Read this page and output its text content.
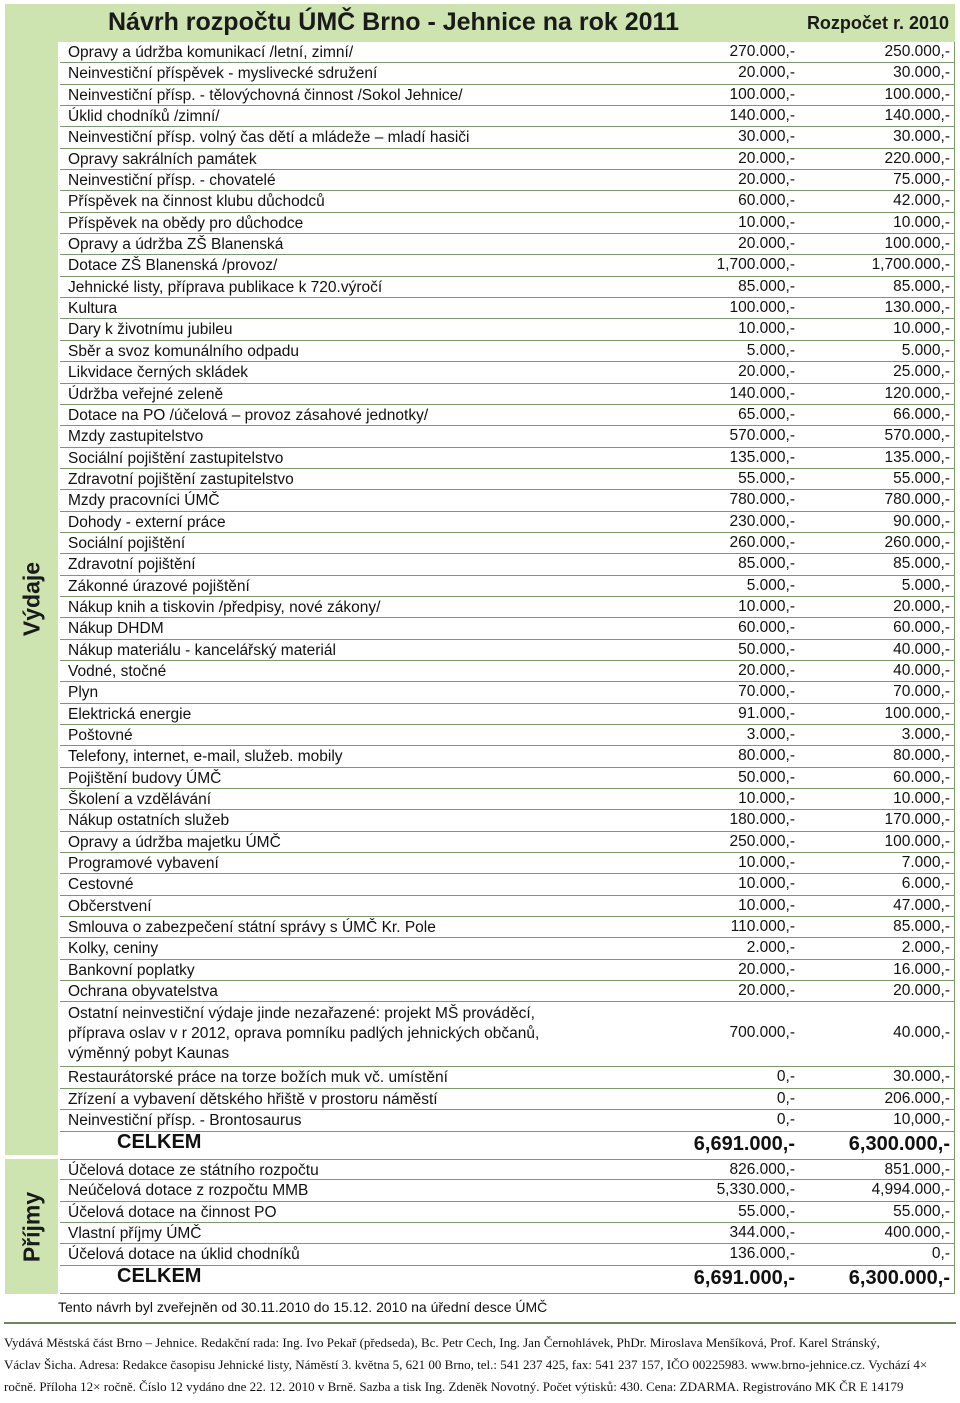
Návrh rozpočtu ÚMČ Brno - Jehnice na rok 2011	Rozpočet r. 2010
Výdaje
Příjmy
Opravy a údržba komunikací /letní, zimní/	270.000,-	250.000,-
Neinvestiční příspěvek - myslivecké sdružení	20.000,-	30.000,-
Neinvestiční přísp. - tělovýchovná činnost /Sokol Jehnice/	100.000,-	100.000,-
Úklid chodníků /zimní/	140.000,-	140.000,-
Neinvestiční přísp. volný čas dětí a mládeže – mladí hasiči	30.000,-	30.000,-
Opravy sakrálních památek	20.000,-	220.000,-
Neinvestiční přísp. - chovatelé	20.000,-	75.000,-
Příspěvek na činnost klubu důchodců	60.000,-	42.000,-
Příspěvek na obědy pro důchodce	10.000,-	10.000,-
Opravy a údržba ZŠ Blanenská	20.000,-	100.000,-
Dotace ZŠ Blanenská /provoz/	1,700.000,-	1,700.000,-
Jehnické listy, příprava publikace k 720.výročí	85.000,-	85.000,-
Kultura	100.000,-	130.000,-
Dary k životnímu jubileu	10.000,-	10.000,-
Sběr a svoz komunálního odpadu	5.000,-	5.000,-
Likvidace černých skládek	20.000,-	25.000,-
Údržba veřejné zeleně	140.000,-	120.000,-
Dotace na PO /účelová – provoz zásahové jednotky/	65.000,-	66.000,-
Mzdy zastupitelstvo	570.000,-	570.000,-
Sociální pojištění zastupitelstvo	135.000,-	135.000,-
Zdravotní pojištění zastupitelstvo	55.000,-	55.000,-
Mzdy pracovníci ÚMČ	780.000,-	780.000,-
Dohody - externí práce	230.000,-	90.000,-
Sociální pojištění	260.000,-	260.000,-
Zdravotní pojištění	85.000,-	85.000,-
Zákonné úrazové pojištění	5.000,-	5.000,-
Nákup knih a tiskovin /předpisy, nové zákony/	10.000,-	20.000,-
Nákup DHDM	60.000,-	60.000,-
Nákup materiálu - kancelářský materiál	50.000,-	40.000,-
Vodné, stočné	20.000,-	40.000,-
Plyn	70.000,-	70.000,-
Elektrická energie	91.000,-	100.000,-
Poštovné	3.000,-	3.000,-
Telefony, internet, e-mail, služeb. mobily	80.000,-	80.000,-
Pojištění budovy ÚMČ	50.000,-	60.000,-
Školení a vzdělávání	10.000,-	10.000,-
Nákup ostatních služeb	180.000,-	170.000,-
Opravy a údržba majetku ÚMČ	250.000,-	100.000,-
Programové vybavení	10.000,-	7.000,-
Cestovné	10.000,-	6.000,-
Občerstvení	10.000,-	47.000,-
Smlouva o zabezpečení státní správy s ÚMČ Kr. Pole	110.000,-	85.000,-
Kolky, ceniny	2.000,-	2.000,-
Bankovní poplatky	20.000,-	16.000,-
Ochrana obyvatelstva	20.000,-	20.000,-
Ostatní neinvestiční výdaje jinde nezařazené: projekt MŠ prováděcí,
příprava oslav v r 2012, oprava pomníku padlých jehnických občanů,
výměnný pobyt Kaunas
700.000,-	40.000,-
Restaurátorské práce na torze božích muk vč. umístění	0,-	30.000,-
Zřízení a vybavení dětského hřiště v prostoru náměstí	0,-	206.000,-
Neinvestiční přísp. - Brontosaurus	0,-	10,000,-
CELKEM	6,691.000,-	6,300.000,-
Účelová dotace ze státního rozpočtu	826.000,-	851.000,-
Neúčelová dotace z rozpočtu MMB	5,330.000,-	4,994.000,-
Účelová dotace na činnost PO	55.000,-	55.000,-
Vlastní příjmy ÚMČ	344.000,-	400.000,-
Účelová dotace na úklid chodníků	136.000,-	0,-
CELKEM	6,691.000,-	6,300.000,-
Tento návrh byl zveřejněn od 30.11.2010 do 15.12. 2010 na úřední desce ÚMČ
Vydává Městská část Brno – Jehnice. Redakční rada: Ing. Ivo Pekař (předseda), Bc. Petr Cech, Ing. Jan Černohlávek, PhDr. Miroslava Menšíková, Prof. Karel Stránský,
Václav Šicha. Adresa: Redakce časopisu Jehnické listy, Náměstí 3. května 5, 621 00 Brno, tel.: 541 237 425, fax: 541 237 157, IČO 00225983. www.brno-jehnice.cz. Vychází 4×
ročně. Příloha 12× ročně. Číslo 12 vydáno dne 22. 12. 2010 v Brně. Sazba a tisk Ing. Zdeněk Novotný. Počet výtisků: 430. Cena: ZDARMA. Registrováno MK ČR E 14179
